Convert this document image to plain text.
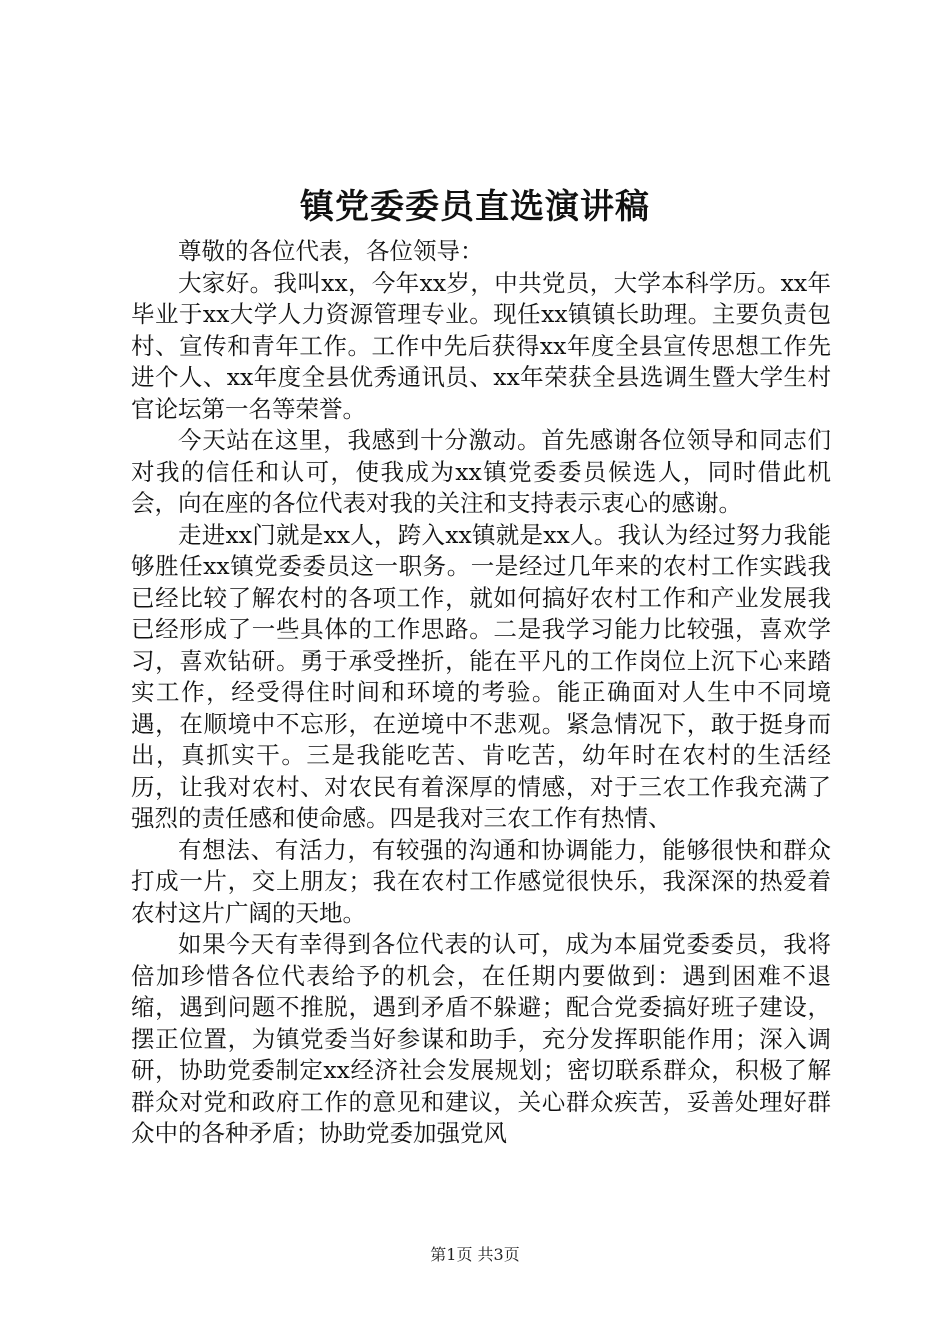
镇党委委员直选演讲稿

尊敬的各位代表，各位领导：

大家好。我叫xx，今年xx岁，中共党员，大学本科学历。xx年毕业于xx大学人力资源管理专业。现任xx镇镇长助理。主要负责包村、宣传和青年工作。工作中先后获得xx年度全县宣传思想工作先进个人、xx年度全县优秀通讯员、xx年荣获全县选调生暨大学生村官论坛第一名等荣誉。

今天站在这里，我感到十分激动。首先感谢各位领导和同志们对我的信任和认可，使我成为xx镇党委委员候选人，同时借此机会，向在座的各位代表对我的关注和支持表示衷心的感谢。

走进xx门就是xx人，跨入xx镇就是xx人。我认为经过努力我能够胜任xx镇党委委员这一职务。一是经过几年来的农村工作实践我已经比较了解农村的各项工作，就如何搞好农村工作和产业发展我已经形成了一些具体的工作思路。二是我学习能力比较强，喜欢学习，喜欢钻研。勇于承受挫折，能在平凡的工作岗位上沉下心来踏实工作，经受得住时间和环境的考验。能正确面对人生中不同境遇，在顺境中不忘形，在逆境中不悲观。紧急情况下，敢于挺身而出，真抓实干。三是我能吃苦、肯吃苦，幼年时在农村的生活经历，让我对农村、对农民有着深厚的情感，对于三农工作我充满了强烈的责任感和使命感。四是我对三农工作有热情、

有想法、有活力，有较强的沟通和协调能力，能够很快和群众打成一片，交上朋友；我在农村工作感觉很快乐，我深深的热爱着农村这片广阔的天地。

如果今天有幸得到各位代表的认可，成为本届党委委员，我将倍加珍惜各位代表给予的机会，在任期内要做到：遇到困难不退缩，遇到问题不推脱，遇到矛盾不躲避；配合党委搞好班子建设，摆正位置，为镇党委当好参谋和助手，充分发挥职能作用；深入调研，协助党委制定xx经济社会发展规划；密切联系群众，积极了解群众对党和政府工作的意见和建议，关心群众疾苦，妥善处理好群众中的各种矛盾；协助党委加强党风

第1页 共3页
